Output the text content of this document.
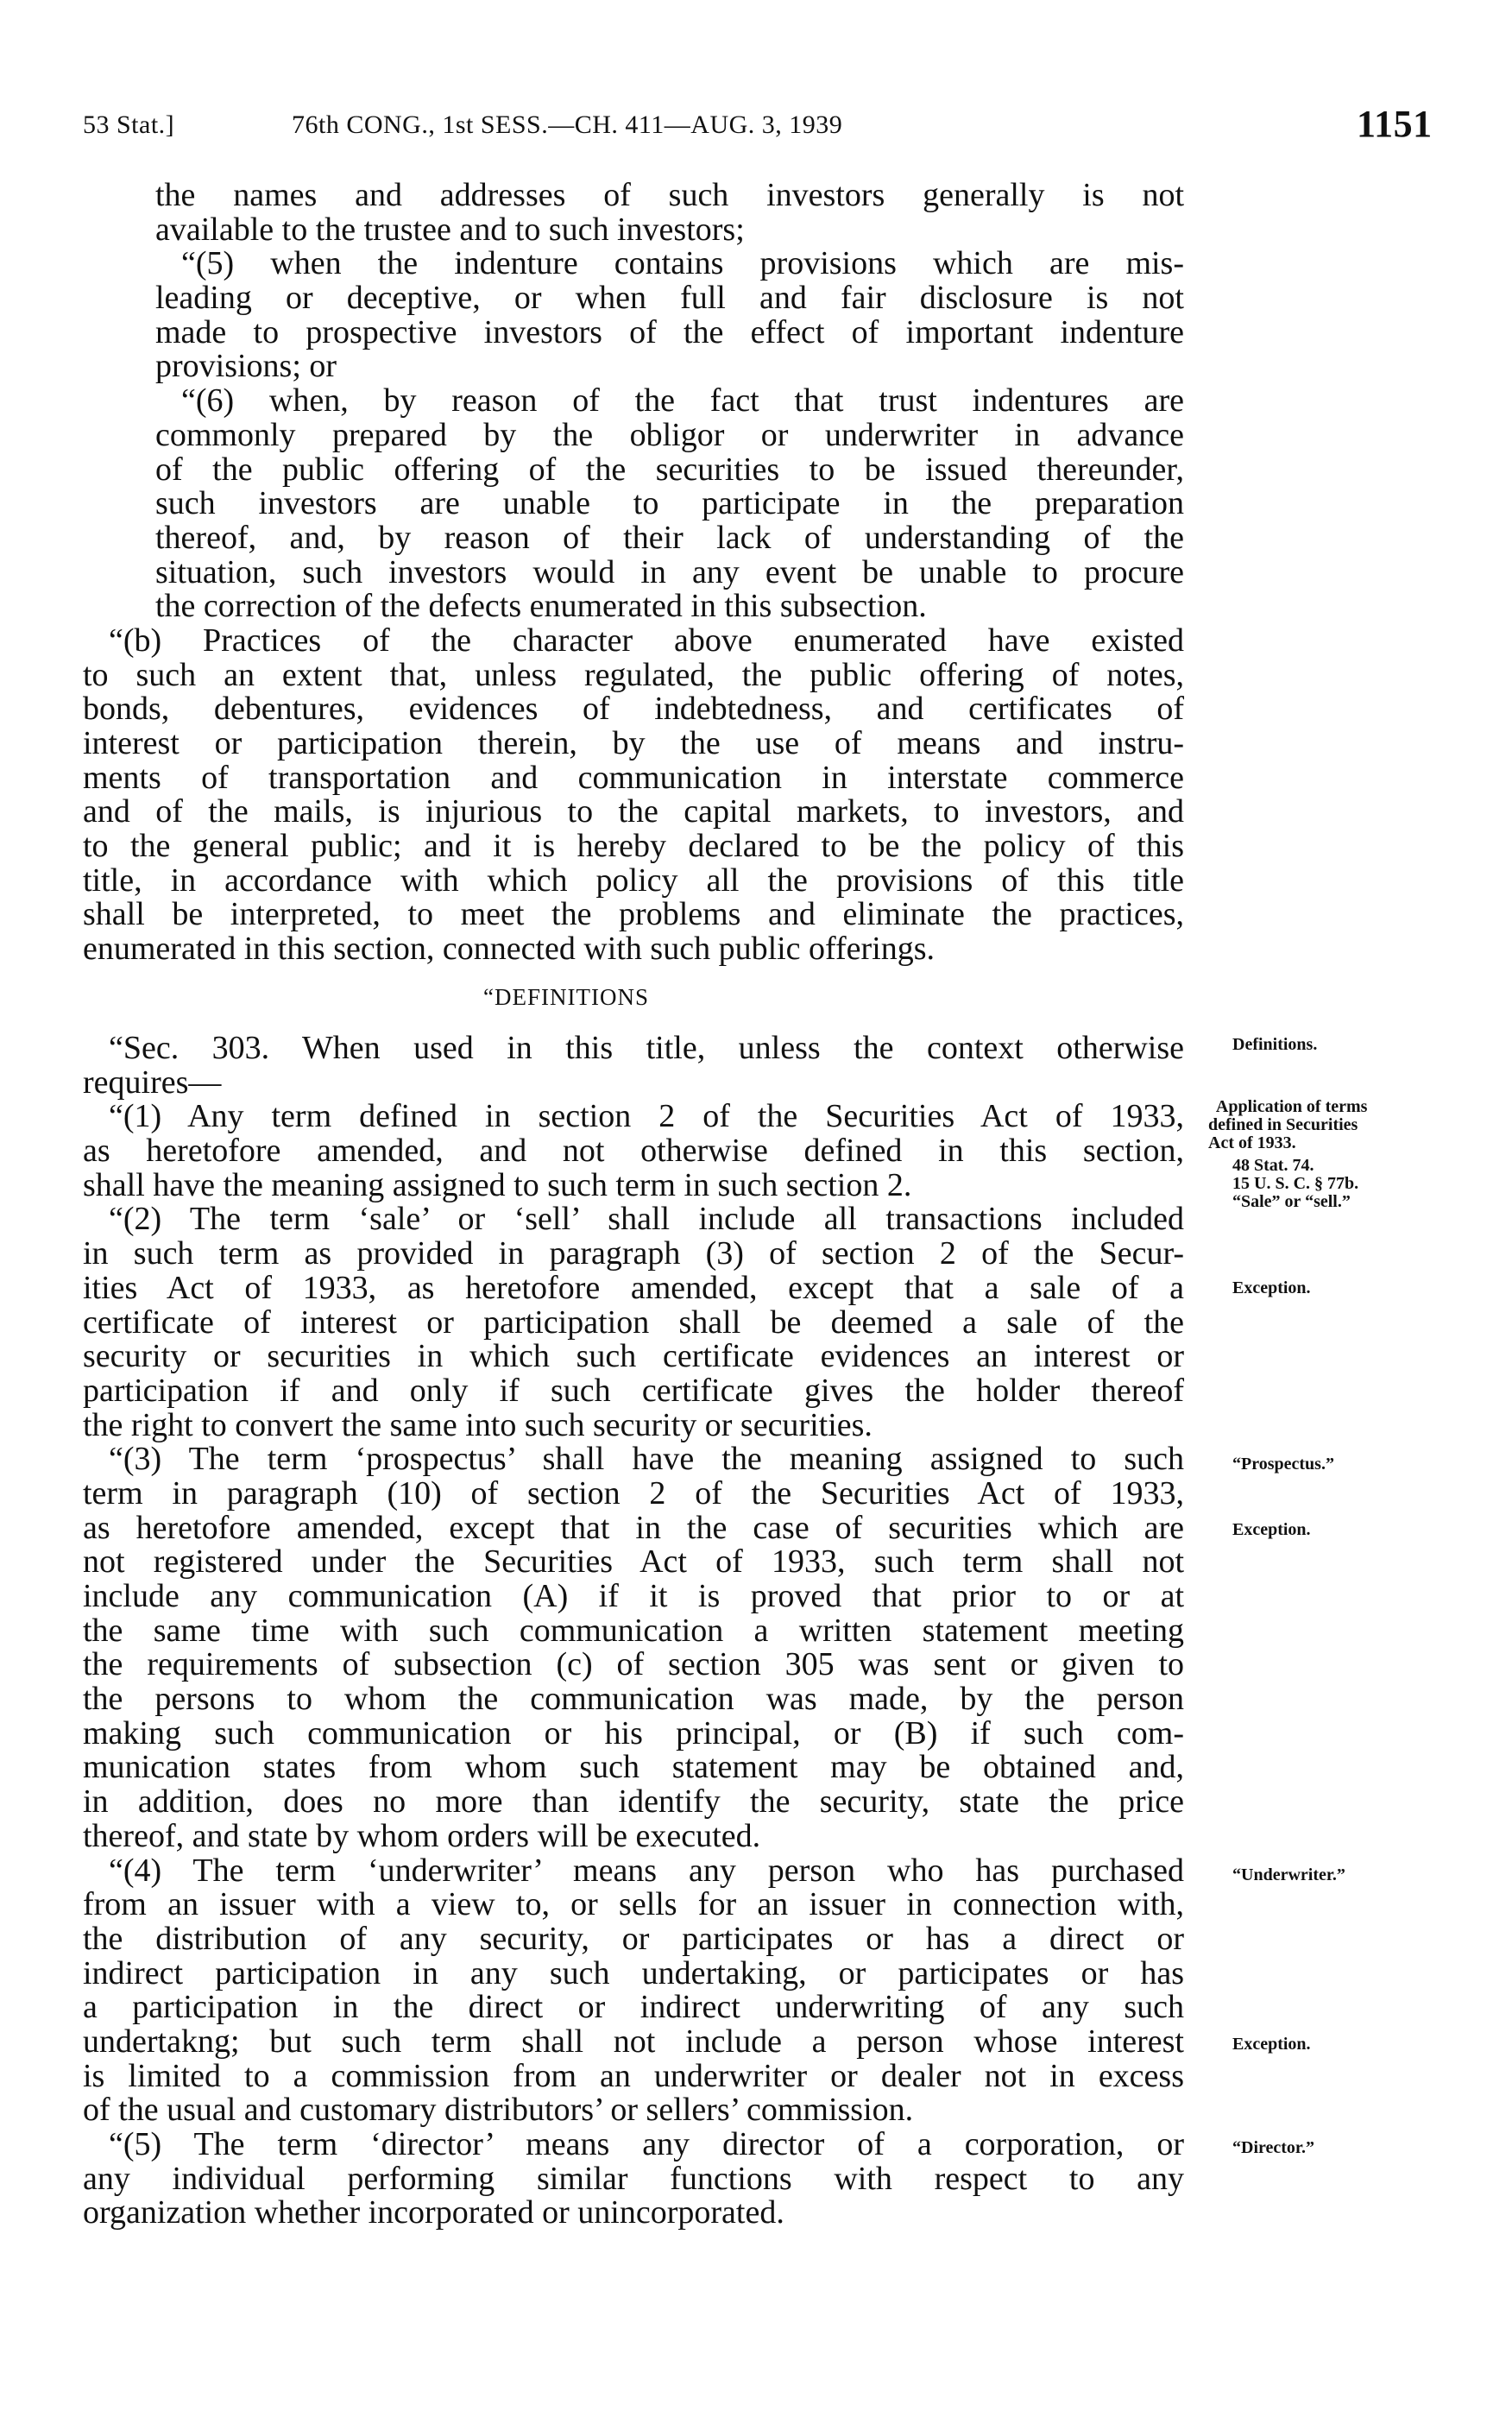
53 Stat.]	76th CONG., 1st SESS.—CH. 411—AUG. 3, 1939	1151
the names and addresses of such investors generally is not
available to the trustee and to such investors;
“(5) when the indenture contains provisions which are mis-
leading or deceptive, or when full and fair disclosure is not
made to prospective investors of the effect of important indenture
provisions; or
“(6) when, by reason of the fact that trust indentures are
commonly prepared by the obligor or underwriter in advance
of the public offering of the securities to be issued thereunder,
such investors are unable to participate in the preparation
thereof, and, by reason of their lack of understanding of the
situation, such investors would in any event be unable to procure
the correction of the defects enumerated in this subsection.
“(b) Practices of the character above enumerated have existed
to such an extent that, unless regulated, the public offering of notes,
bonds, debentures, evidences of indebtedness, and certificates of
interest or participation therein, by the use of means and instru-
ments of transportation and communication in interstate commerce
and of the mails, is injurious to the capital markets, to investors, and
to the general public; and it is hereby declared to be the policy of this
title, in accordance with which policy all the provisions of this title
shall be interpreted, to meet the problems and eliminate the practices,
enumerated in this section, connected with such public offerings.
“DEFINITIONS
“Sec. 303. When used in this title, unless the context otherwise
requires—
“(1) Any term defined in section 2 of the Securities Act of 1933,
as heretofore amended, and not otherwise defined in this section,
shall have the meaning assigned to such term in such section 2.
“(2) The term ‘sale’ or ‘sell’ shall include all transactions included
in such term as provided in paragraph (3) of section 2 of the Secur-
ities Act of 1933, as heretofore amended, except that a sale of a
certificate of interest or participation shall be deemed a sale of the
security or securities in which such certificate evidences an interest or
participation if and only if such certificate gives the holder thereof
the right to convert the same into such security or securities.
“(3) The term ‘prospectus’ shall have the meaning assigned to such
term in paragraph (10) of section 2 of the Securities Act of 1933,
as heretofore amended, except that in the case of securities which are
not registered under the Securities Act of 1933, such term shall not
include any communication (A) if it is proved that prior to or at
the same time with such communication a written statement meeting
the requirements of subsection (c) of section 305 was sent or given to
the persons to whom the communication was made, by the person
making such communication or his principal, or (B) if such com-
munication states from whom such statement may be obtained and,
in addition, does no more than identify the security, state the price
thereof, and state by whom orders will be executed.
“(4) The term ‘underwriter’ means any person who has purchased
from an issuer with a view to, or sells for an issuer in connection with,
the distribution of any security, or participates or has a direct or
indirect participation in any such undertaking, or participates or has
a participation in the direct or indirect underwriting of any such
undertakng; but such term shall not include a person whose interest
is limited to a commission from an underwriter or dealer not in excess
of the usual and customary distributors’ or sellers’ commission.
“(5) The term ‘director’ means any director of a corporation, or
any individual performing similar functions with respect to any
organization whether incorporated or unincorporated.
Definitions.
Application of terms
defined in Securities
Act of 1933.
48 Stat. 74.
15 U. S. C. § 77b.
“Sale” or “sell.”
Exception.
“Prospectus.”
Exception.
“Underwriter.”
Exception.
“Director.”
